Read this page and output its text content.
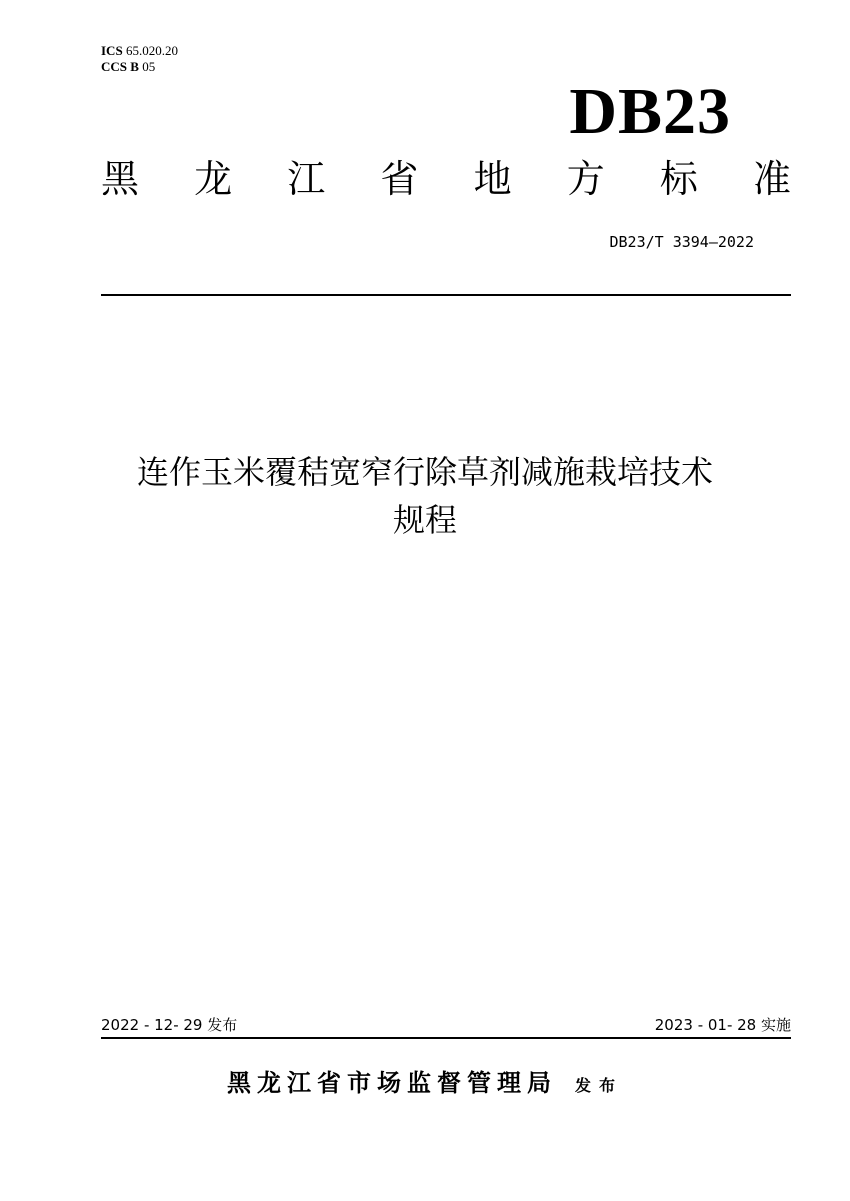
ICS 65.020.20
CCS B 05
DB23
黑 龙 江 省 地 方 标 准
DB23/T 3394—2022
连作玉米覆秸宽窄行除草剂减施栽培技术
规程
2022 - 12- 29 发布	2023 - 01- 28 实施
黑龙江省市场监督管理局 发布
